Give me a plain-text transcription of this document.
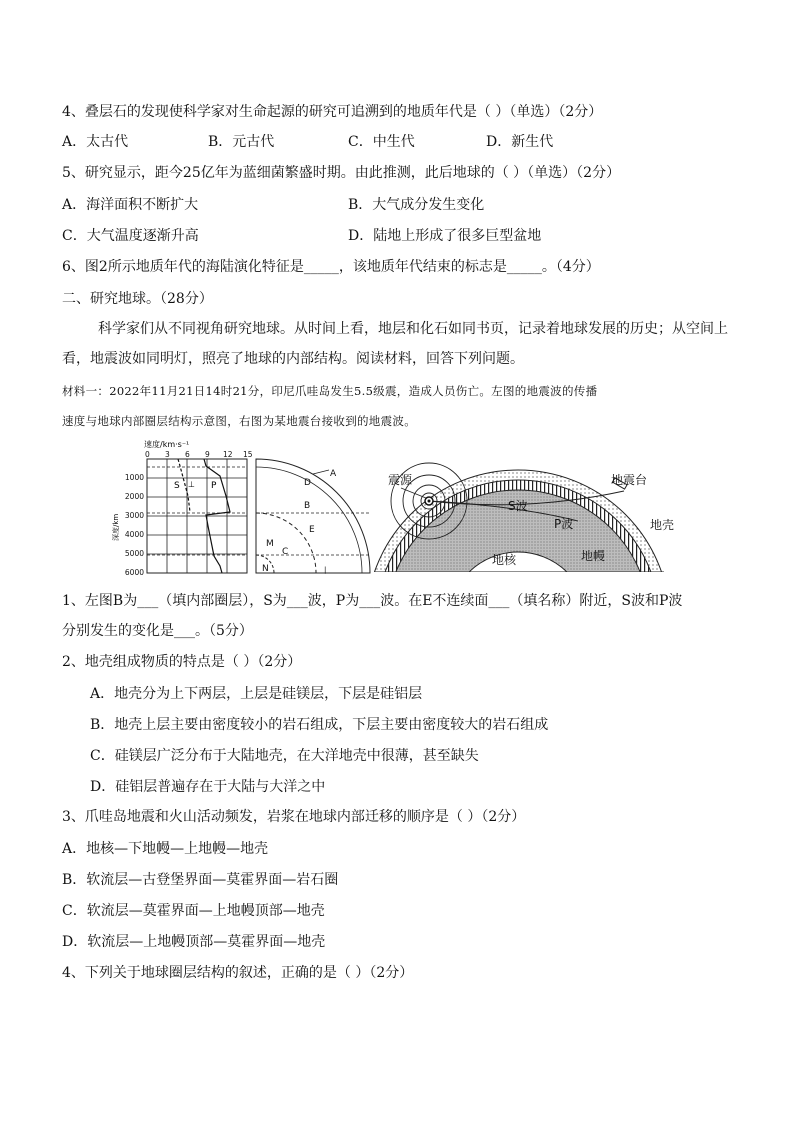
4、叠层石的发现使科学家对生命起源的研究可追溯到的地质年代是（ ）（单选）（2分）
A．太古代	B．元古代	C．中生代	D．新生代
5、研究显示，距今25亿年为蓝细菌繁盛时期。由此推测，此后地球的（ ）（单选）（2分）
A．海洋面积不断扩大	B．大气成分发生变化
C．大气温度逐渐升高	D．陆地上形成了很多巨型盆地
6、图2所示地质年代的海陆演化特征是_____，该地质年代结束的标志是_____。（4分）
二、研究地球。（28分）
科学家们从不同视角研究地球。从时间上看，地层和化石如同书页，记录着地球发展的历史；从空间上看，地震波如同明灯，照亮了地球的内部结构。阅读材料，回答下列问题。
材料一：2022年11月21日14时21分，印尼爪哇岛发生5.5级震，造成人员伤亡。左图的地震波的传播
速度与地球内部圈层结构示意图，右图为某地震台接收到的地震波。
速度/km·s⁻¹
0 3 6 9 12 15
1000
2000
3000
4000
5000
6000
深度/km
S	P
⊥
A
D
B
E
M
C
N	|
震源	地震台
S波
P波	地壳
地核	地幔
1、左图B为___（填内部圈层），S为___波，P为___波。在E不连续面___（填名称）附近，S波和P波
分别发生的变化是___。（5分）
2、地壳组成物质的特点是（ ）（2分）
A．地壳分为上下两层，上层是硅镁层，下层是硅铝层
B．地壳上层主要由密度较小的岩石组成，下层主要由密度较大的岩石组成
C．硅镁层广泛分布于大陆地壳，在大洋地壳中很薄，甚至缺失
D．硅铝层普遍存在于大陆与大洋之中
3、爪哇岛地震和火山活动频发，岩浆在地球内部迁移的顺序是（ ）（2分）
A．地核—下地幔—上地幔—地壳
B．软流层—古登堡界面—莫霍界面—岩石圈
C．软流层—莫霍界面—上地幔顶部—地壳
D．软流层—上地幔顶部—莫霍界面—地壳
4、下列关于地球圈层结构的叙述，正确的是（ ）（2分）
